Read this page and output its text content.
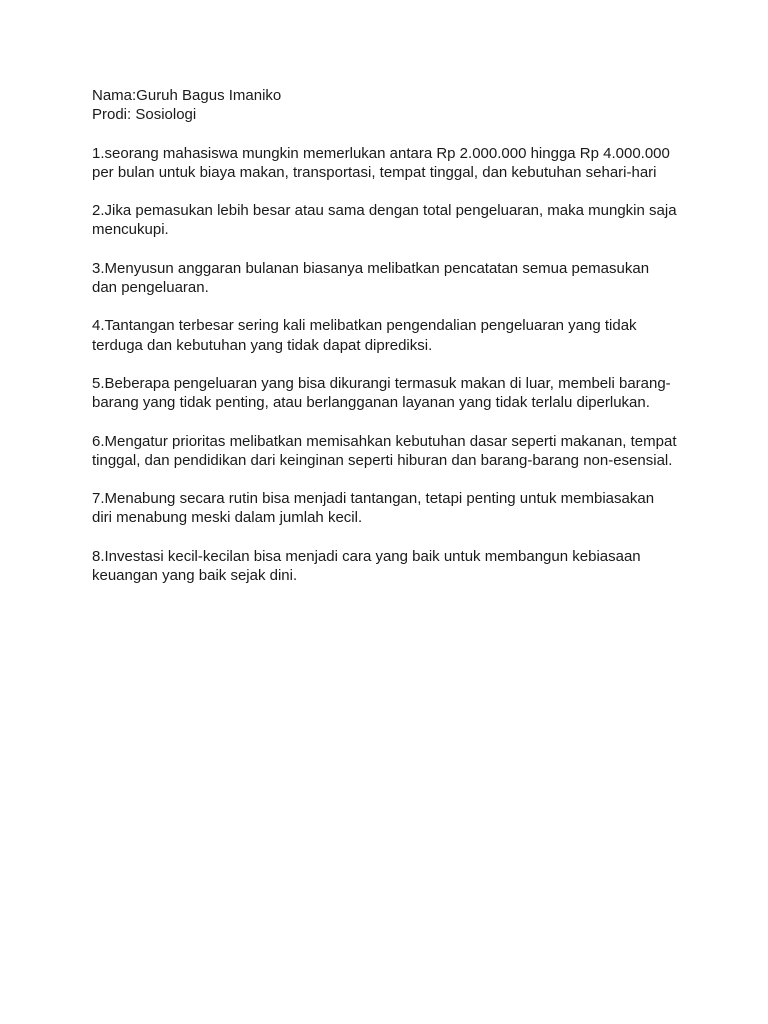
Nama:Guruh Bagus Imaniko

Prodi: Sosiologi

1.seorang mahasiswa mungkin memerlukan antara Rp 2.000.000 hingga Rp 4.000.000 per bulan untuk biaya makan, transportasi, tempat tinggal, dan kebutuhan sehari-hari

2.Jika pemasukan lebih besar atau sama dengan total pengeluaran, maka mungkin saja mencukupi.

3.Menyusun anggaran bulanan biasanya melibatkan pencatatan semua pemasukan dan pengeluaran.

4.Tantangan terbesar sering kali melibatkan pengendalian pengeluaran yang tidak terduga dan kebutuhan yang tidak dapat diprediksi.

5.Beberapa pengeluaran yang bisa dikurangi termasuk makan di luar, membeli barang-barang yang tidak penting, atau berlangganan layanan yang tidak terlalu diperlukan.

6.Mengatur prioritas melibatkan memisahkan kebutuhan dasar seperti makanan, tempat tinggal, dan pendidikan dari keinginan seperti hiburan dan barang-barang non-esensial.

7.Menabung secara rutin bisa menjadi tantangan, tetapi penting untuk membiasakan diri menabung meski dalam jumlah kecil.

8.Investasi kecil-kecilan bisa menjadi cara yang baik untuk membangun kebiasaan keuangan yang baik sejak dini.
